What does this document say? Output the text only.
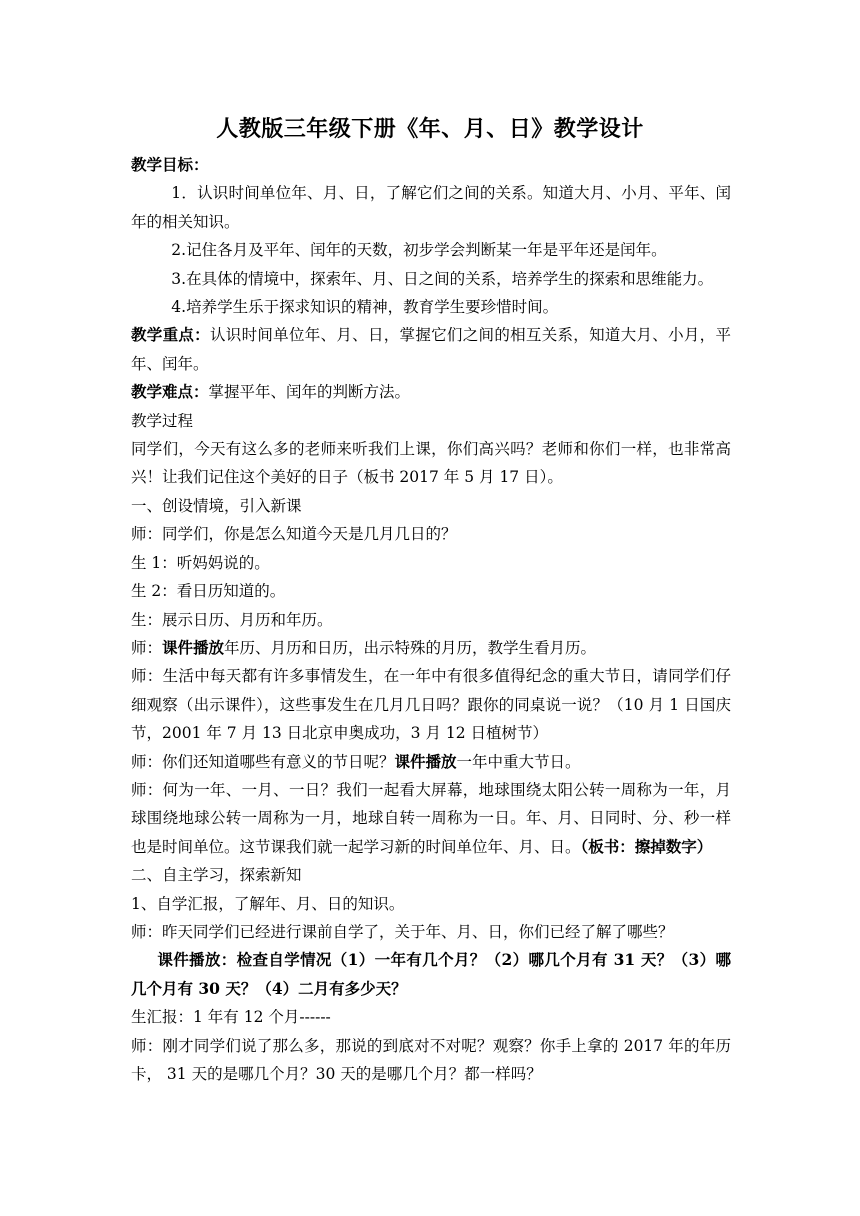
人教版三年级下册《年、月、日》教学设计

教学目标：

1．认识时间单位年、月、日，了解它们之间的关系。知道大月、小月、平年、闰年的相关知识。

2.记住各月及平年、闰年的天数，初步学会判断某一年是平年还是闰年。

3.在具体的情境中，探索年、月、日之间的关系，培养学生的探索和思维能力。

4.培养学生乐于探求知识的精神，教育学生要珍惜时间。

教学重点：认识时间单位年、月、日，掌握它们之间的相互关系，知道大月、小月，平年、闰年。

教学难点：掌握平年、闰年的判断方法。

教学过程

同学们，今天有这么多的老师来听我们上课，你们高兴吗？老师和你们一样，也非常高兴！让我们记住这个美好的日子（板书 2017 年 5 月 17 日）。

一、创设情境，引入新课

师：同学们，你是怎么知道今天是几月几日的？

生 1：听妈妈说的。

生 2：看日历知道的。

生：展示日历、月历和年历。

师：课件播放年历、月历和日历，出示特殊的月历，教学生看月历。

师：生活中每天都有许多事情发生，在一年中有很多值得纪念的重大节日，请同学们仔细观察（出示课件），这些事发生在几月几日吗？跟你的同桌说一说？（10 月 1 日国庆节，2001 年 7 月 13 日北京申奥成功，3 月 12 日植树节）

师：你们还知道哪些有意义的节日呢？课件播放一年中重大节日。

师：何为一年、一月、一日？我们一起看大屏幕，地球围绕太阳公转一周称为一年，月球围绕地球公转一周称为一月，地球自转一周称为一日。年、月、日同时、分、秒一样也是时间单位。这节课我们就一起学习新的时间单位年、月、日。（板书：擦掉数字）

二、自主学习，探索新知

1、自学汇报，了解年、月、日的知识。

师：昨天同学们已经进行课前自学了，关于年、月、日，你们已经了解了哪些？

课件播放：检查自学情况（1）一年有几个月？（2）哪几个月有 31 天？（3）哪几个月有 30 天？（4）二月有多少天？

生汇报：1 年有 12 个月------

师：刚才同学们说了那么多，那说的到底对不对呢？观察？你手上拿的 2017 年的年历卡， 31 天的是哪几个月？30 天的是哪几个月？都一样吗？
